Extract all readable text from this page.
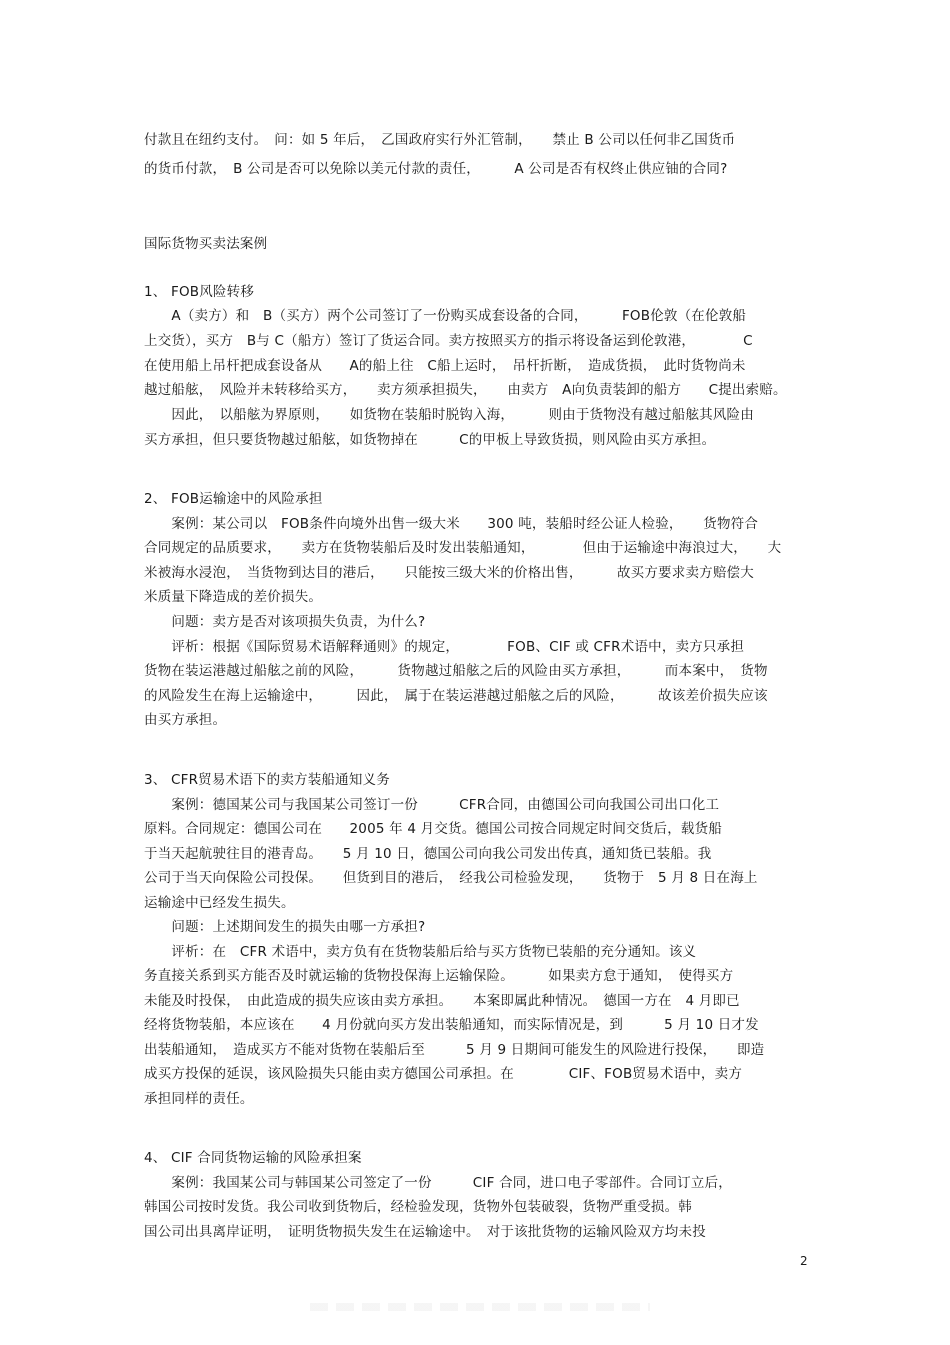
付款且在纽约支付。　问：如 5 年后，　乙国政府实行外汇管制，　　禁止 B 公司以任何非乙国货币
的货币付款，　B 公司是否可以免除以美元付款的责任，　　　A 公司是否有权终止供应铀的合同?
国际货物买卖法案例
1、 FOB风险转移
　　A（卖方）和　B（买方）两个公司签订了一份购买成套设备的合同，　　　FOB伦敦（在伦敦船
上交货），买方　B与 C（船方）签订了货运合同。卖方按照买方的指示将设备运到伦敦港，　　　　C
在使用船上吊杆把成套设备从　　A的船上往　C船上运时，　吊杆折断，　造成货损，　此时货物尚未
越过船舷，　风险并未转移给买方，　　卖方须承担损失，　　由卖方　A向负责装卸的船方　　C提出索赔。
　　因此，　以船舷为界原则，　　如货物在装船时脱钩入海，　　　则由于货物没有越过船舷其风险由
买方承担，但只要货物越过船舷，如货物掉在　　　C的甲板上导致货损，则风险由买方承担。
2、 FOB运输途中的风险承担
　　案例：某公司以　FOB条件向境外出售一级大米　　300 吨，装船时经公证人检验，　　货物符合
合同规定的品质要求，　　卖方在货物装船后及时发出装船通知，　　　　但由于运输途中海浪过大，　　大
米被海水浸泡，　当货物到达目的港后，　　只能按三级大米的价格出售，　　　故买方要求卖方赔偿大
米质量下降造成的差价损失。
　　问题：卖方是否对该项损失负责，为什么?
　　评析：根据《国际贸易术语解释通则》的规定，　　　　FOB、CIF 或 CFR术语中，卖方只承担
货物在装运港越过船舷之前的风险，　　　货物越过船舷之后的风险由买方承担，　　　而本案中，　货物
的风险发生在海上运输途中，　　　因此，　属于在装运港越过船舷之后的风险，　　　故该差价损失应该
由买方承担。
3、 CFR贸易术语下的卖方装船通知义务
　　案例：德国某公司与我国某公司签订一份　　　CFR合同，由德国公司向我国公司出口化工
原料。合同规定：德国公司在　　2005 年 4 月交货。德国公司按合同规定时间交货后，载货船
于当天起航驶往目的港青岛。　　5 月 10 日，德国公司向我公司发出传真，通知货已装船。我
公司于当天向保险公司投保。　　但货到目的港后，　经我公司检验发现，　　货物于　5 月 8 日在海上
运输途中已经发生损失。
　　问题：上述期间发生的损失由哪一方承担?
　　评析：在　CFR 术语中，卖方负有在货物装船后给与买方货物已装船的充分通知。该义
务直接关系到买方能否及时就运输的货物投保海上运输保险。　　　如果卖方怠于通知，　使得买方
未能及时投保，　由此造成的损失应该由卖方承担。　　本案即属此种情况。　德国一方在　4 月即已
经将货物装船，本应该在　　4 月份就向买方发出装船通知，而实际情况是，到　　　5 月 10 日才发
出装船通知，　造成买方不能对货物在装船后至　　　5 月 9 日期间可能发生的风险进行投保，　　即造
成买方投保的延误，该风险损失只能由卖方德国公司承担。在　　　　CIF、FOB贸易术语中，卖方
承担同样的责任。
4、 CIF 合同货物运输的风险承担案
　　案例：我国某公司与韩国某公司签定了一份　　　CIF 合同，进口电子零部件。合同订立后，
韩国公司按时发货。我公司收到货物后，经检验发现，货物外包装破裂，货物严重受损。韩
国公司出具离岸证明，　证明货物损失发生在运输途中。　对于该批货物的运输风险双方均未投
2
